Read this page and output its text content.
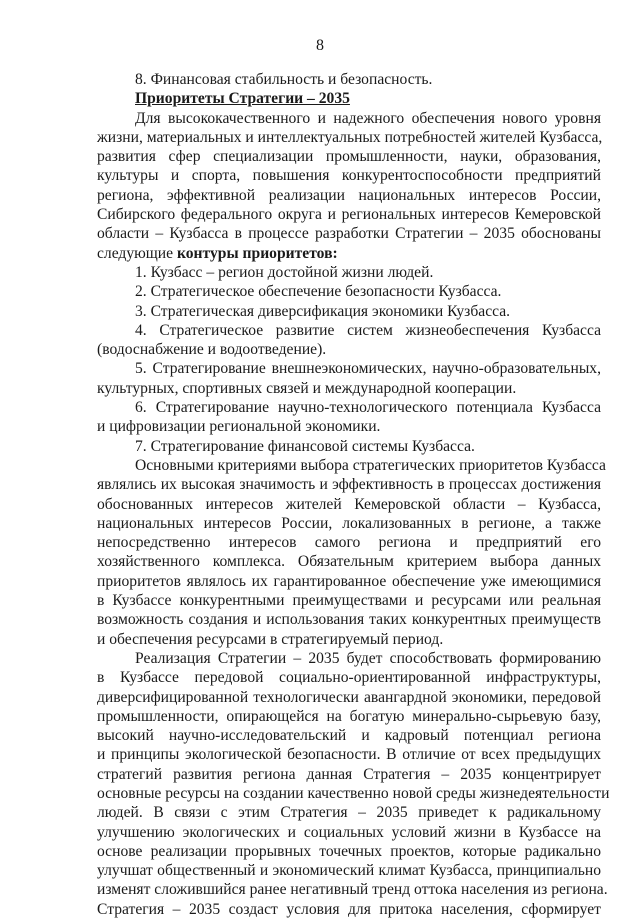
8
8. Финансовая стабильность и безопасность.
Приоритеты Стратегии – 2035
Для высококачественного и надежного обеспечения нового уровня
жизни, материальных и интеллектуальных потребностей жителей Кузбасса,
развития сфер специализации промышленности, науки, образования,
культуры и спорта, повышения конкурентоспособности предприятий
региона, эффективной реализации национальных интересов России,
Сибирского федерального округа и региональных интересов Кемеровской
области – Кузбасса в процессе разработки Стратегии – 2035 обоснованы
следующие контуры приоритетов:
1. Кузбасс – регион достойной жизни людей.
2. Стратегическое обеспечение безопасности Кузбасса.
3. Стратегическая диверсификация экономики Кузбасса.
4. Стратегическое развитие систем жизнеобеспечения Кузбасса
(водоснабжение и водоотведение).
5. Стратегирование внешнеэкономических, научно-образовательных,
культурных, спортивных связей и международной кооперации.
6. Стратегирование научно-технологического потенциала Кузбасса
и цифровизации региональной экономики.
7. Стратегирование финансовой системы Кузбасса.
Основными критериями выбора стратегических приоритетов Кузбасса
являлись их высокая значимость и эффективность в процессах достижения
обоснованных интересов жителей Кемеровской области – Кузбасса,
национальных интересов России, локализованных в регионе, а также
непосредственно интересов самого региона и предприятий его
хозяйственного комплекса. Обязательным критерием выбора данных
приоритетов являлось их гарантированное обеспечение уже имеющимися
в Кузбассе конкурентными преимуществами и ресурсами или реальная
возможность создания и использования таких конкурентных преимуществ
и обеспечения ресурсами в стратегируемый период.
Реализация Стратегии – 2035 будет способствовать формированию
в Кузбассе передовой социально-ориентированной инфраструктуры,
диверсифицированной технологически авангардной экономики, передовой
промышленности, опирающейся на богатую минерально-сырьевую базу,
высокий научно-исследовательский и кадровый потенциал региона
и принципы экологической безопасности. В отличие от всех предыдущих
стратегий развития региона данная Стратегия – 2035 концентрирует
основные ресурсы на создании качественно новой среды жизнедеятельности
людей. В связи с этим Стратегия – 2035 приведет к радикальному
улучшению экологических и социальных условий жизни в Кузбассе на
основе реализации прорывных точечных проектов, которые радикально
улучшат общественный и экономический климат Кузбасса, принципиально
изменят сложившийся ранее негативный тренд оттока населения из региона.
Стратегия – 2035 создаст условия для притока населения, сформирует
